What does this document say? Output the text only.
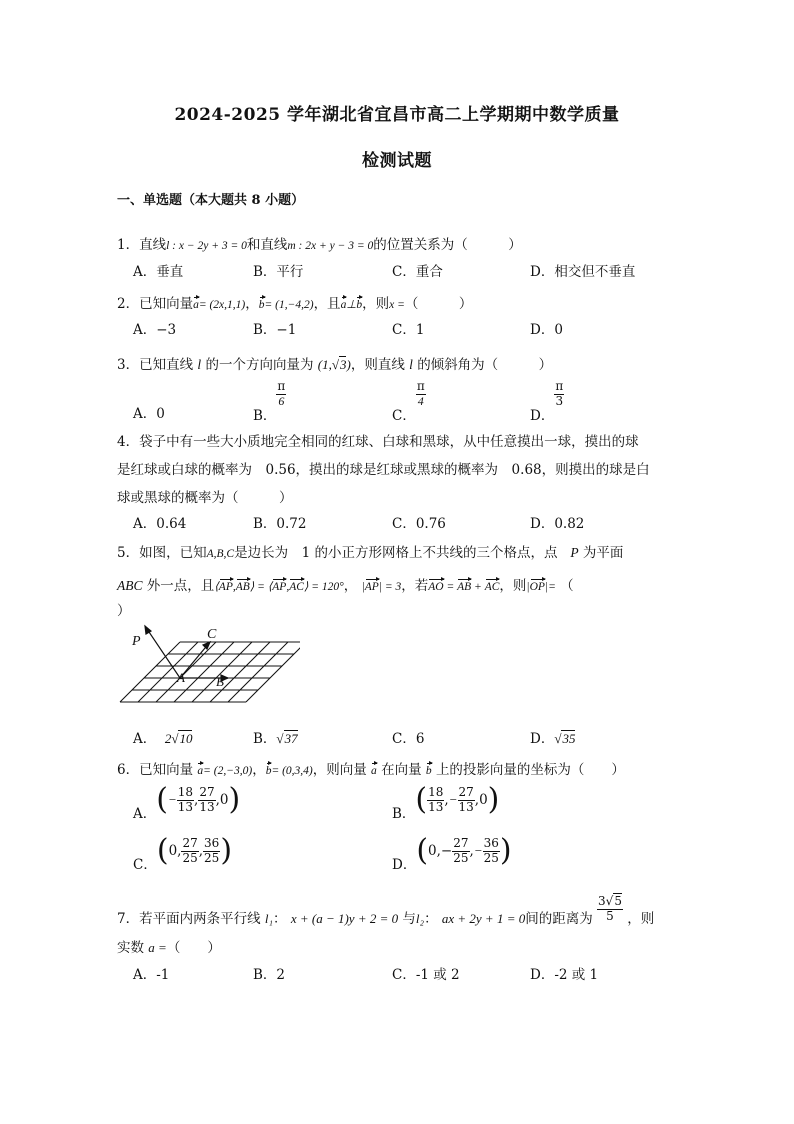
2024-2025 学年湖北省宜昌市高二上学期期中数学质量
检测试题
一、单选题（本大题共 8 小题）
1．直线l : x − 2y + 3 = 0和直线m : 2x + y − 3 = 0的位置关系为（　　　）
A．垂直	B．平行	C．重合	D．相交但不垂直
2．已知向量a= (2x,1,1)，b= (1,−4,2)，且a⊥b，则x =（　　　）
A．−3	B．−1	C．1	D．0
3．已知直线 l 的一个方向向量为 (1,√3)，则直线 l 的倾斜角为（　　　）
A．0	B．
$\frac{\pi}{6}$
C．
$\frac{\pi}{4}$
D．
$\frac{\pi}{3}$
4．袋子中有一些大小质地完全相同的红球、白球和黑球，从中任意摸出一球，摸出的球
是红球或白球的概率为　0.56，摸出的球是红球或黑球的概率为　0.68，则摸出的球是白
球或黑球的概率为（　　　）
A．0.64	B．0.72	C．0.76	D．0.82
5．如图，已知A,B,C是边长为　1 的小正方形网格上不共线的三个格点，点 P 为平面
ABC 外一点，且⟨AP,AB⟩ = ⟨AP,AC⟩ = 120°， |AP| = 3，若AO = AB + AC，则|OP|= （
）
P	C
A B
A． 2√10	B．√37	C．6	D．√35
6．已知向量 a= (2,−3,0)，b= (0,3,4)，则向量 a 在向量 b 上的投影向量的坐标为（　　）
A．(− $\frac{18}{13}$ , $\frac{27}{13} ,0$)	B．( $\frac{18}{13}$ ,− $\frac{27}{13} ,0$)
C．(0, $\frac{27}{25}$ , $\frac{36}{25}$ )	D．($0,- \frac{27}{25}$ ,− $\frac{36}{25}$ )
7．若平面内两条平行线 l₁： x + (a − 1)y + 2 = 0 与l₂： ax + 2y + 1 = 0间的距离为 $\frac{3√5}{5}$ ，则
实数 a =（　　）
A．-1	B．2	C．-1 或 2	D．-2 或 1
